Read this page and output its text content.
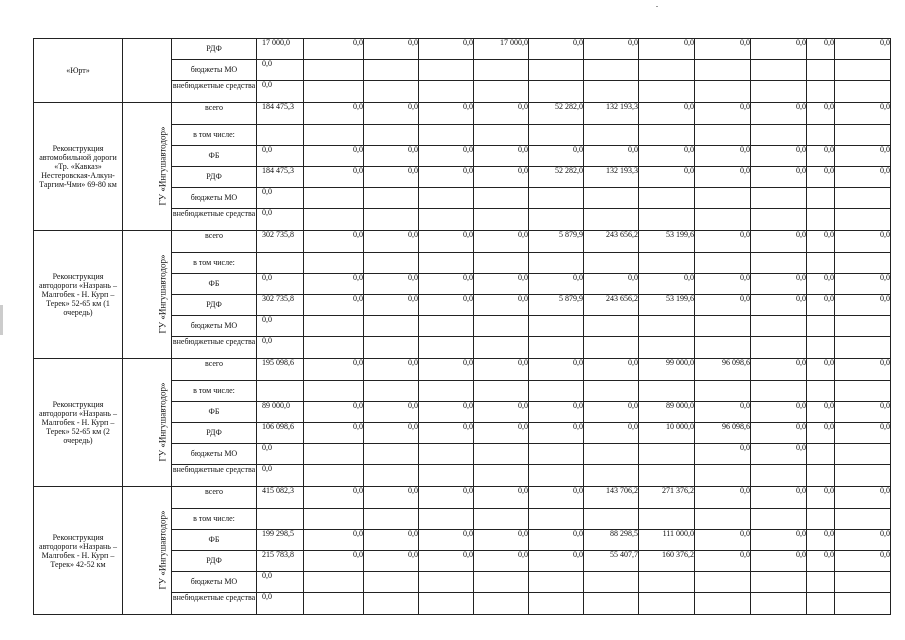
«Юрт»		РДФ	17 000,0	0,0	0,0	0,0	17 000,0	0,0	0,0	0,0	0,0	0,0	0,0	0,0
		бюджеты МО	0,0											
		внебюджетные средства	0,0											
Реконструкция автомобильной дороги «Тр. «Кавказ» Нестеровская-Алкун-Таргим-Чми» 69-80 км	ГУ «Ингушавтодор»	всего	184 475,3	0,0	0,0	0,0	0,0	52 282,0	132 193,3	0,0	0,0	0,0	0,0	0,0
		в том числе:												
		ФБ	0,0	0,0	0,0	0,0	0,0	0,0	0,0	0,0	0,0	0,0	0,0	0,0
		РДФ	184 475,3	0,0	0,0	0,0	0,0	52 282,0	132 193,3	0,0	0,0	0,0	0,0	0,0
		бюджеты МО	0,0											
		внебюджетные средства	0,0											
Реконструкция автодороги «Назрань – Малгобек - Н. Курп – Терек» 52-65 км (1 очередь)	ГУ «Ингушавтодор»	всего	302 735,8	0,0	0,0	0,0	0,0	5 879,9	243 656,2	53 199,6	0,0	0,0	0,0	0,0
		в том числе:												
		ФБ	0,0	0,0	0,0	0,0	0,0	0,0	0,0	0,0	0,0	0,0	0,0	0,0
		РДФ	302 735,8	0,0	0,0	0,0	0,0	5 879,9	243 656,2	53 199,6	0,0	0,0	0,0	0,0
		бюджеты МО	0,0											
		внебюджетные средства	0,0											
Реконструкция автодороги «Назрань – Малгобек - Н. Курп – Терек» 52-65 км (2 очередь)	ГУ «Ингушавтодор»	всего	195 098,6	0,0	0,0	0,0	0,0	0,0	0,0	99 000,0	96 098,6	0,0	0,0	0,0
		в том числе:												
		ФБ	89 000,0	0,0	0,0	0,0	0,0	0,0	0,0	89 000,0	0,0	0,0	0,0	0,0
		РДФ	106 098,6	0,0	0,0	0,0	0,0	0,0	0,0	10 000,0	96 098,6	0,0	0,0	0,0
		бюджеты МО	0,0								0,0	0,0		
		внебюджетные средства	0,0											
Реконструкция автодороги «Назрань – Малгобек - Н. Курп – Терек» 42-52 км	ГУ «Ингушавтодор»	всего	415 082,3	0,0	0,0	0,0	0,0	0,0	143 706,2	271 376,2	0,0	0,0	0,0	0,0
		в том числе:												
		ФБ	199 298,5	0,0	0,0	0,0	0,0	0,0	88 298,5	111 000,0	0,0	0,0	0,0	0,0
		РДФ	215 783,8	0,0	0,0	0,0	0,0	0,0	55 407,7	160 376,2	0,0	0,0	0,0	0,0
		бюджеты МО	0,0											
		внебюджетные средства	0,0											
